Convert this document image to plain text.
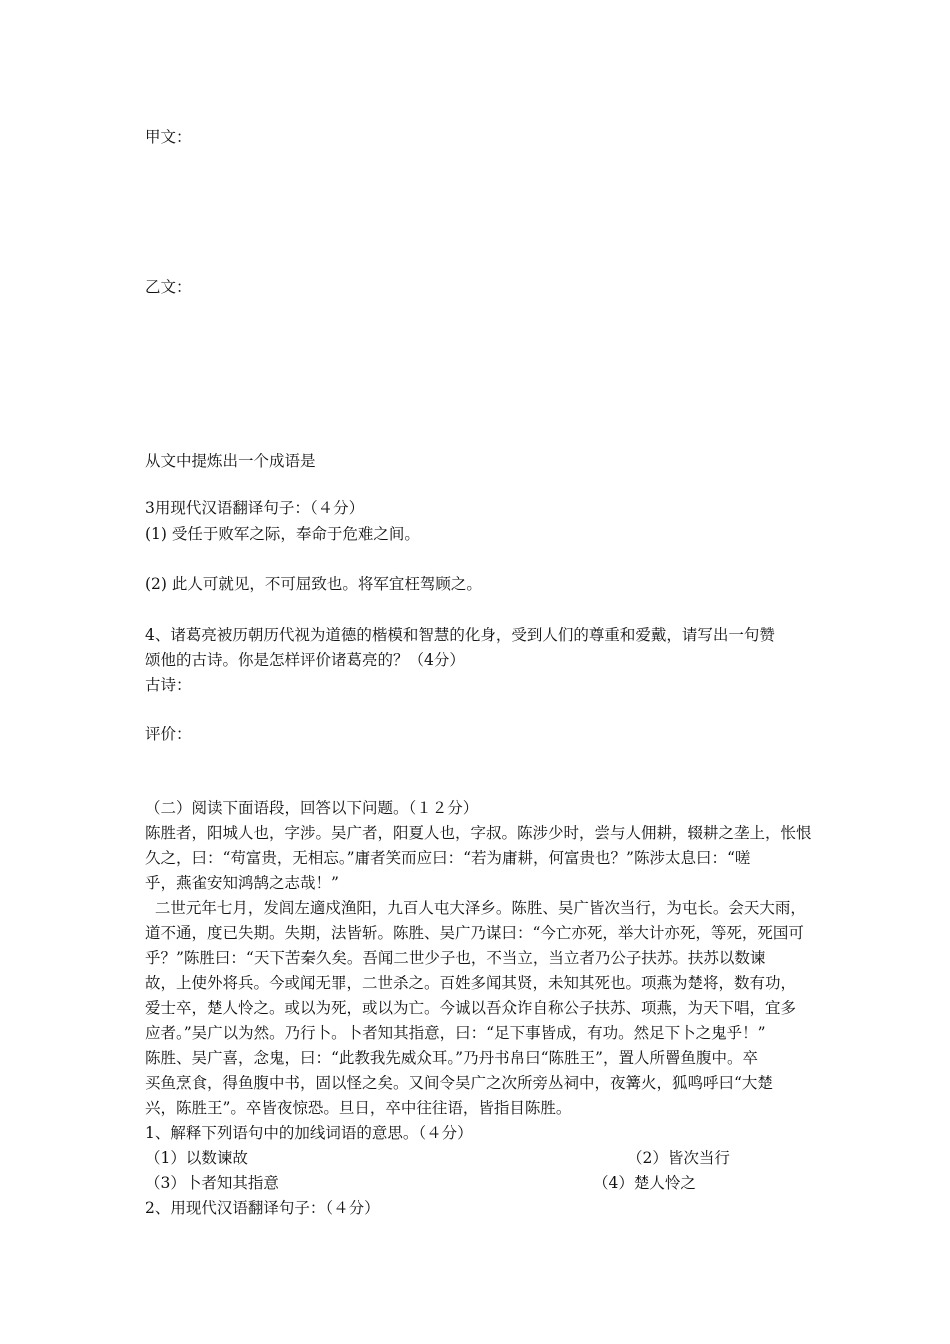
甲文：
乙文：
从文中提炼出一个成语是
3用现代汉语翻译句子：（４分）
(1) 受任于败军之际，奉命于危难之间。
(2) 此人可就见，不可屈致也。将军宜枉驾顾之。
4、诸葛亮被历朝历代视为道德的楷模和智慧的化身，受到人们的尊重和爱戴，请写出一句赞
颂他的古诗。你是怎样评价诸葛亮的？（4分）
古诗：
评价：
（二）阅读下面语段，回答以下问题。（１２分）
陈胜者，阳城人也，字涉。吴广者，阳夏人也，字叔。陈涉少时，尝与人佣耕，辍耕之垄上，怅恨
久之，曰：“苟富贵，无相忘。”庸者笑而应曰：“若为庸耕，何富贵也？”陈涉太息曰：“嗟
乎，燕雀安知鸿鹄之志哉！”
二世元年七月，发闾左適戍渔阳，九百人屯大泽乡。陈胜、吴广皆次当行，为屯长。会天大雨，
道不通，度已失期。失期，法皆斩。陈胜、吴广乃谋曰：“今亡亦死，举大计亦死，等死，死国可
乎？”陈胜曰：“天下苦秦久矣。吾闻二世少子也，不当立，当立者乃公子扶苏。扶苏以数谏
故，上使外将兵。今或闻无罪，二世杀之。百姓多闻其贤，未知其死也。项燕为楚将，数有功，
爱士卒，楚人怜之。或以为死，或以为亡。今诚以吾众诈自称公子扶苏、项燕，为天下唱，宜多
应者。”吴广以为然。乃行卜。卜者知其指意，曰：“足下事皆成，有功。然足下卜之鬼乎！”
陈胜、吴广喜，念鬼，曰：“此教我先威众耳。”乃丹书帛曰“陈胜王”，置人所罾鱼腹中。卒
买鱼烹食，得鱼腹中书，固以怪之矣。又间令吴广之次所旁丛祠中，夜篝火，狐鸣呼曰“大楚
兴，陈胜王”。卒皆夜惊恐。旦日，卒中往往语，皆指目陈胜。
1、解释下列语句中的加线词语的意思。（４分）

（1）以数谏故

	（2）皆次当行

（3）卜者知其指意

	（4）楚人怜之

2、用现代汉语翻译句子：（４分）
